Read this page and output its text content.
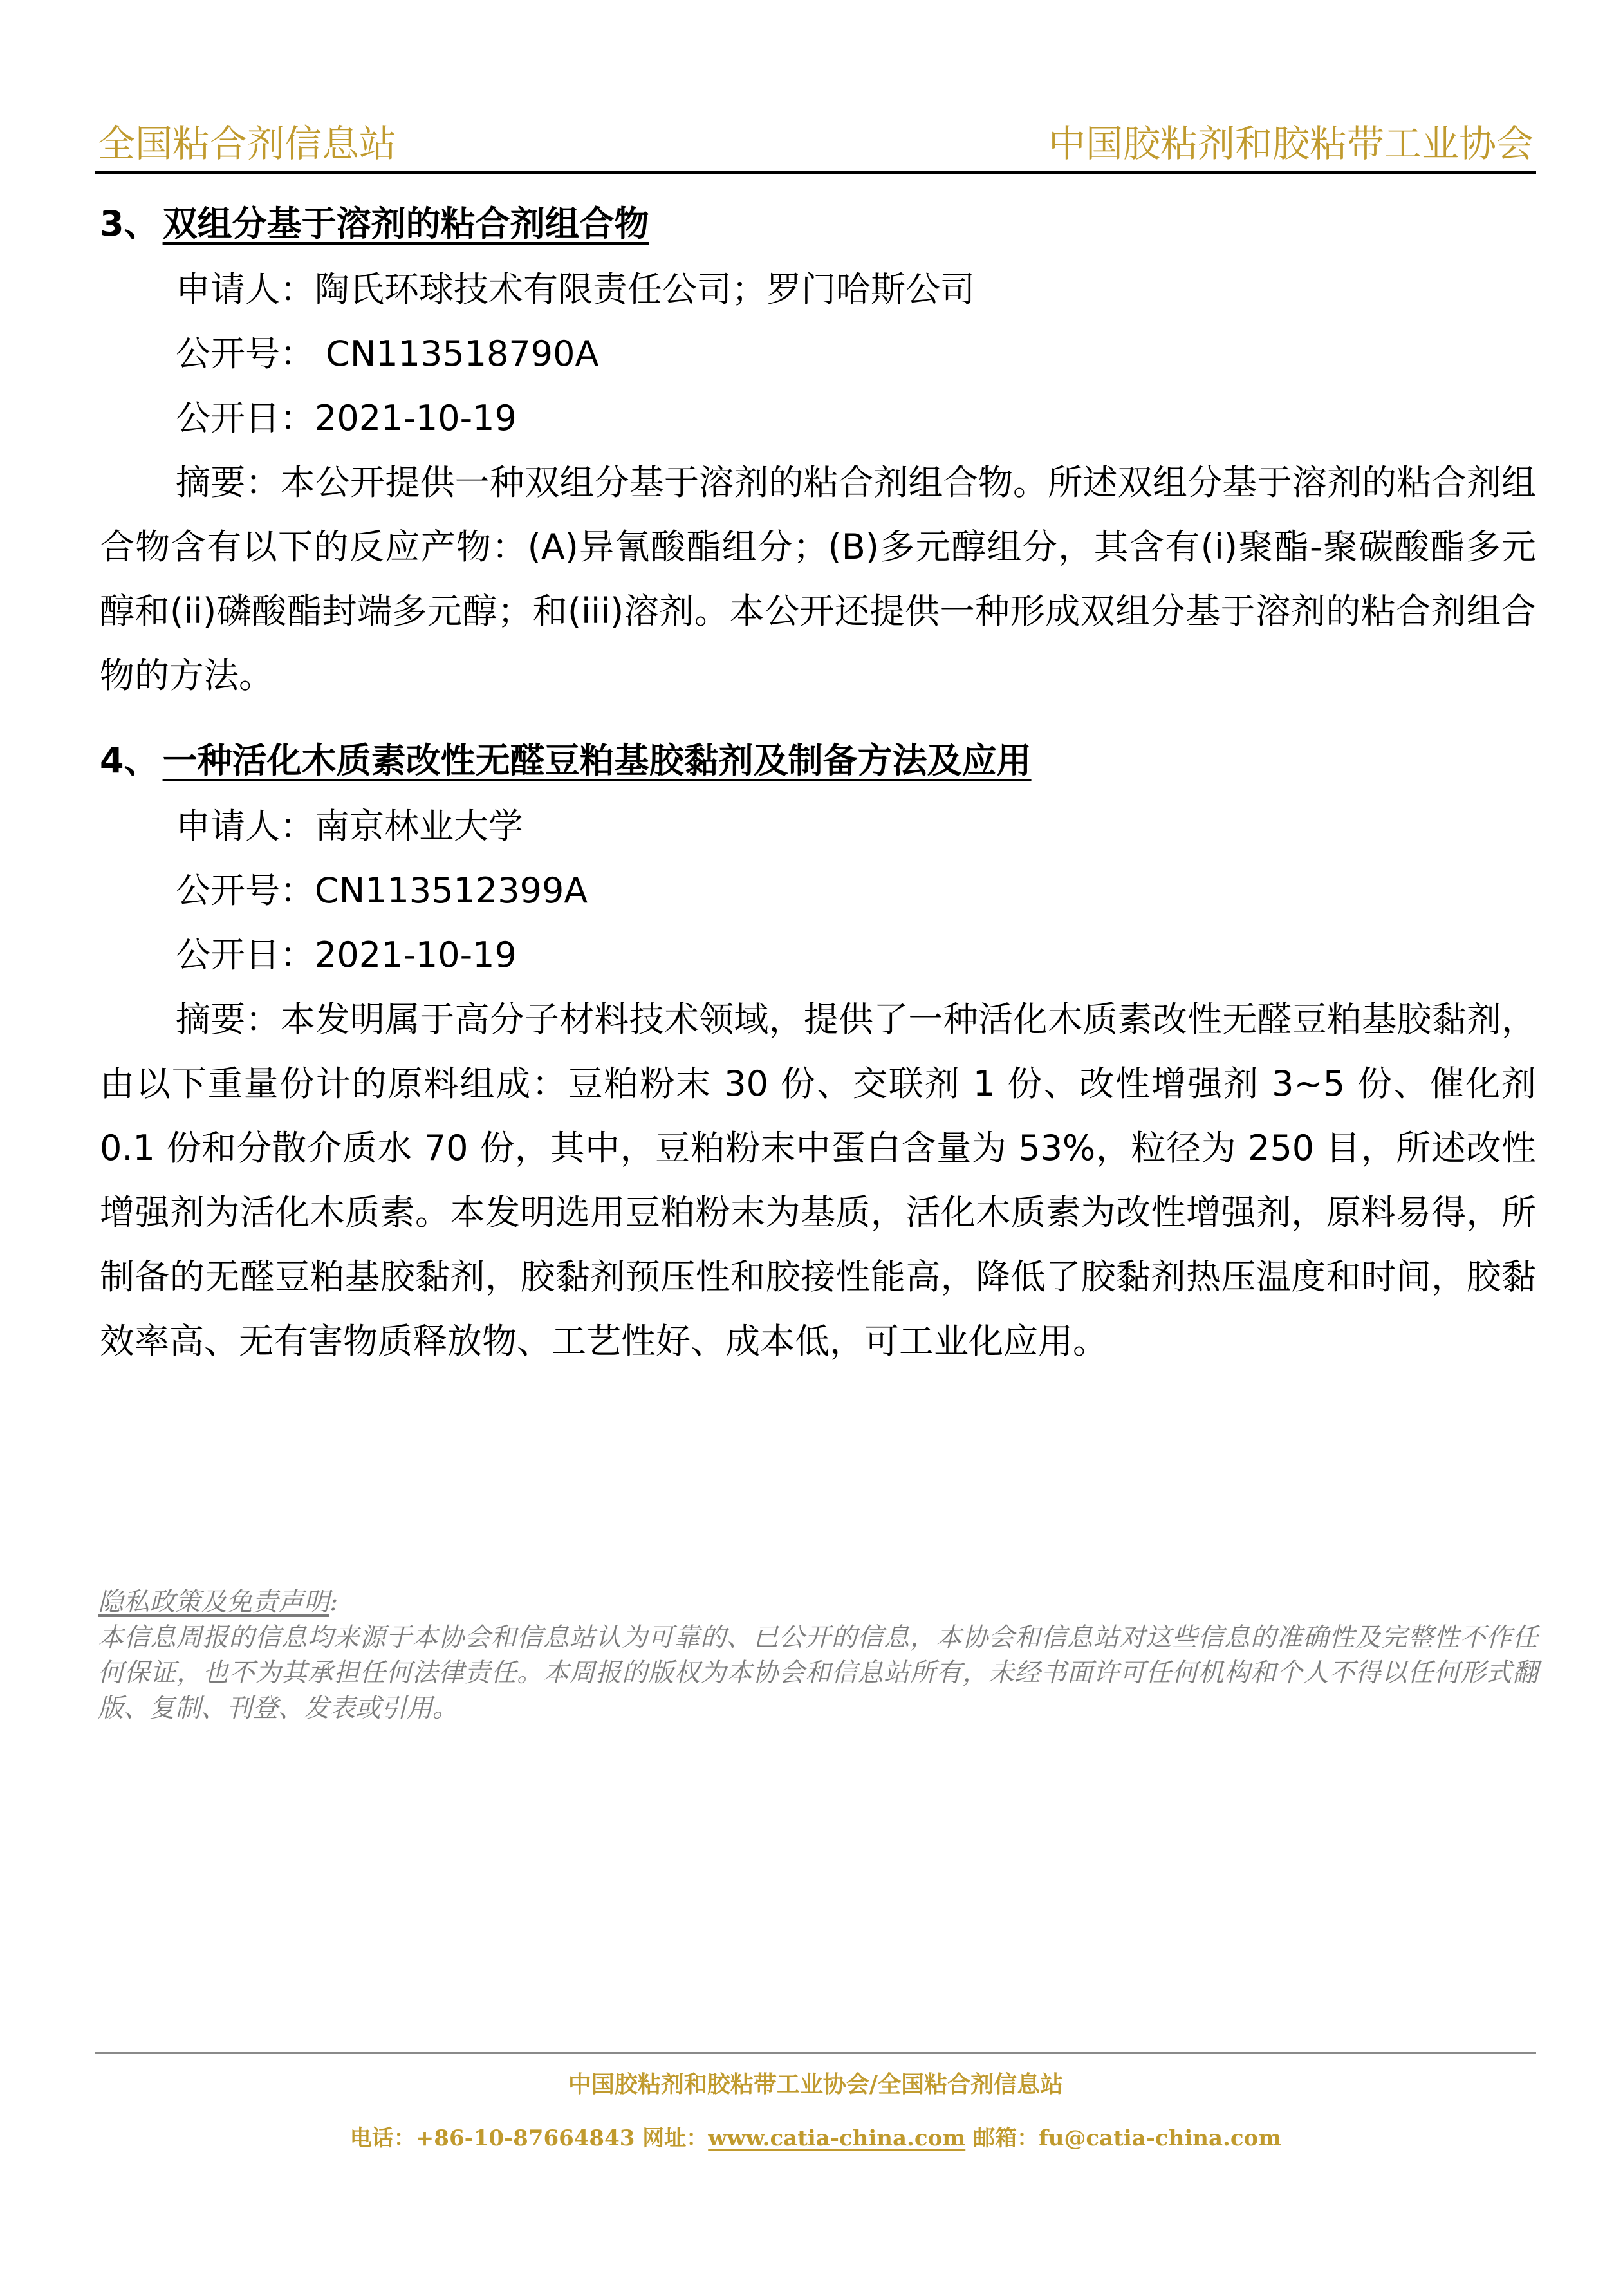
全国粘合剂信息站	中国胶粘剂和胶粘带工业协会
3、 双组分基于溶剂的粘合剂组合物
申请人：陶氏环球技术有限责任公司；罗门哈斯公司
公开号： CN113518790A
公开日：2021-10-19

摘要：本公开提供一种双组分基于溶剂的粘合剂组合物。所述双组分基于溶剂的粘合剂组合物含有以下的反应产物：(A)异氰酸酯组分；(B)多元醇组分，其含有(i)聚酯-聚碳酸酯多元醇和(ii)磷酸酯封端多元醇；和(iii)溶剂。本公开还提供一种形成双组分基于溶剂的粘合剂组合物的方法。

4、 一种活化木质素改性无醛豆粕基胶黏剂及制备方法及应用
申请人：南京林业大学
公开号：CN113512399A
公开日：2021-10-19

摘要：本发明属于高分子材料技术领域，提供了一种活化木质素改性无醛豆粕基胶黏剂，由以下重量份计的原料组成：豆粕粉末 30 份、交联剂 1 份、改性增强剂 3~5 份、催化剂 0.1 份和分散介质水 70 份，其中，豆粕粉末中蛋白含量为 53%，粒径为 250 目，所述改性增强剂为活化木质素。本发明选用豆粕粉末为基质，活化木质素为改性增强剂，原料易得，所制备的无醛豆粕基胶黏剂，胶黏剂预压性和胶接性能高，降低了胶黏剂热压温度和时间，胶黏效率高、无有害物质释放物、工艺性好、成本低，可工业化应用。

隐私政策及免责声明:
本信息周报的信息均来源于本协会和信息站认为可靠的、已公开的信息，本协会和信息站对这些信息的准确性及完整性不作任何保证，也不为其承担任何法律责任。本周报的版权为本协会和信息站所有，未经书面许可任何机构和个人不得以任何形式翻版、复制、刊登、发表或引用。
中国胶粘剂和胶粘带工业协会/全国粘合剂信息站
电话：+86-10-87664843 网址：www.catia-china.com 邮箱：fu@catia-china.com
